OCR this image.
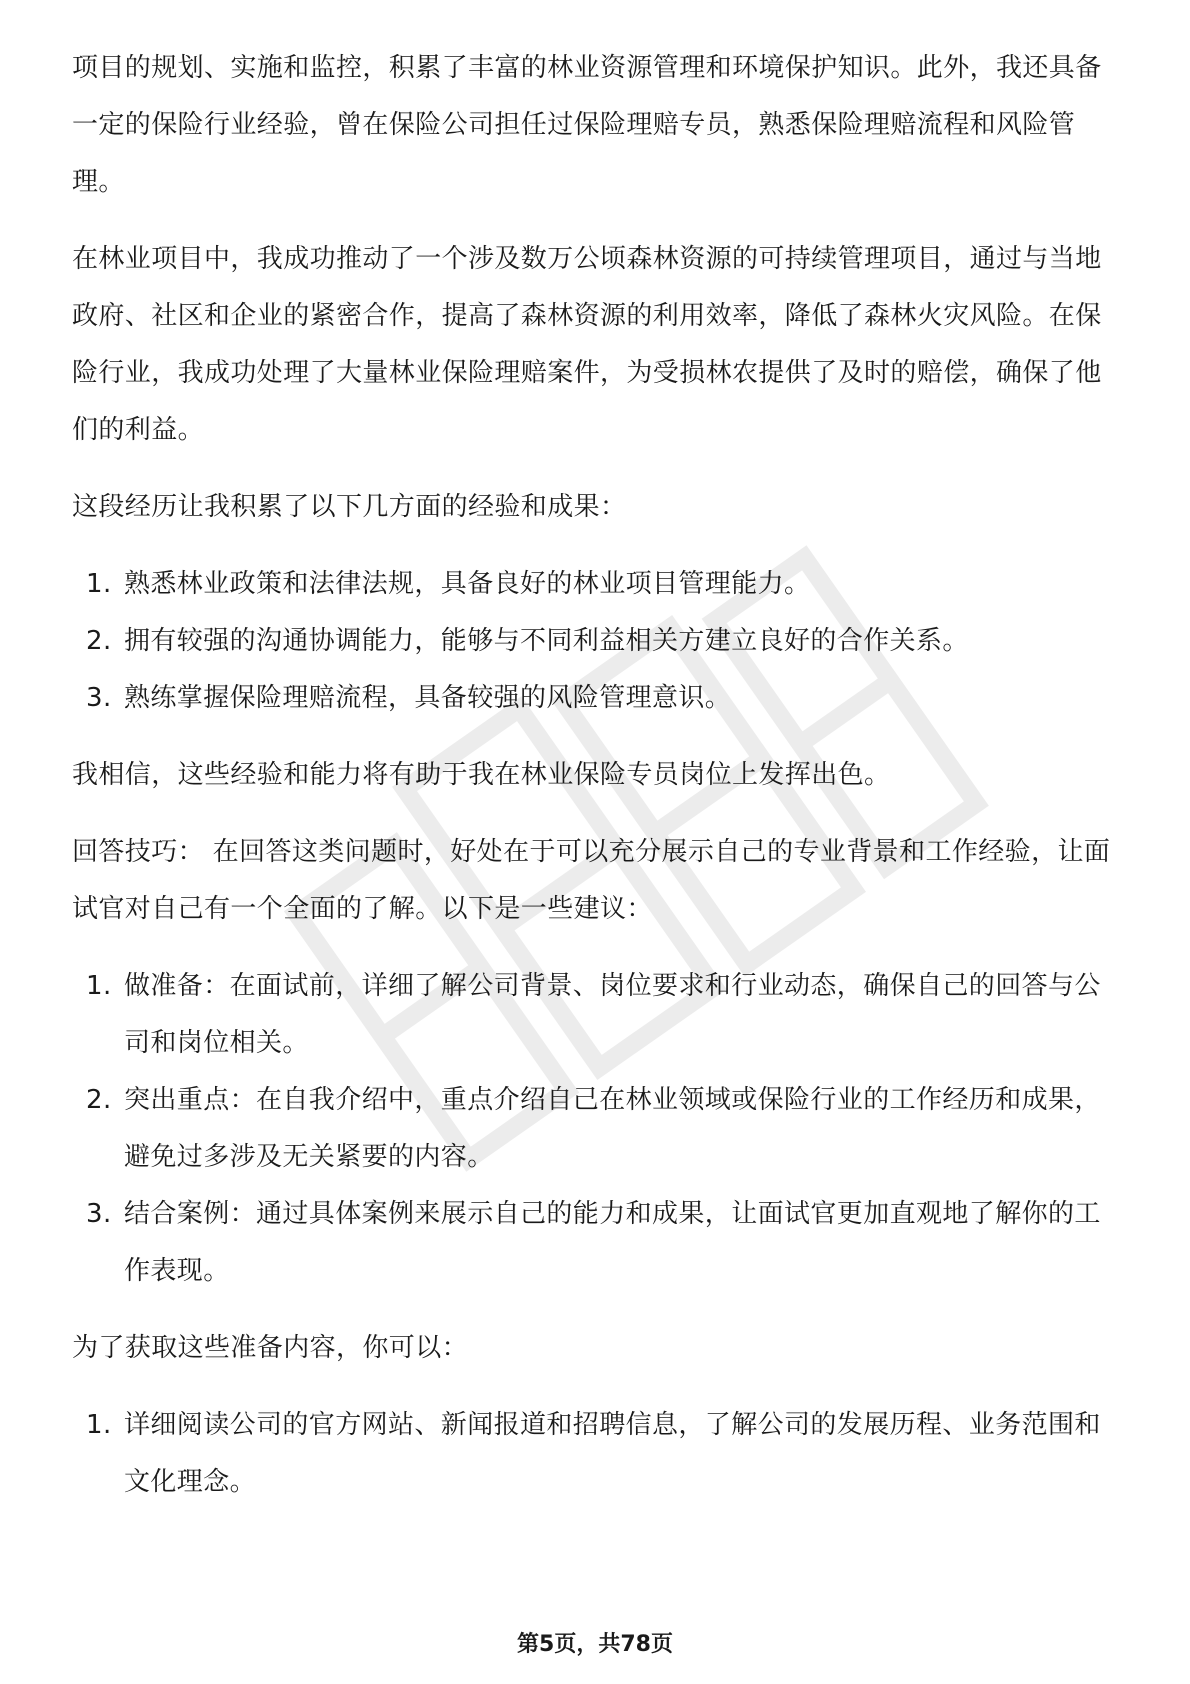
项目的规划、实施和监控，积累了丰富的林业资源管理和环境保护知识。此外，我还具备一定的保险行业经验，曾在保险公司担任过保险理赔专员，熟悉保险理赔流程和风险管理。

在林业项目中，我成功推动了一个涉及数万公顷森林资源的可持续管理项目，通过与当地政府、社区和企业的紧密合作，提高了森林资源的利用效率，降低了森林火灾风险。在保险行业，我成功处理了大量林业保险理赔案件，为受损林农提供了及时的赔偿，确保了他们的利益。

这段经历让我积累了以下几方面的经验和成果：

1. 熟悉林业政策和法律法规，具备良好的林业项目管理能力。
2. 拥有较强的沟通协调能力，能够与不同利益相关方建立良好的合作关系。
3. 熟练掌握保险理赔流程，具备较强的风险管理意识。

我相信，这些经验和能力将有助于我在林业保险专员岗位上发挥出色。

回答技巧： 在回答这类问题时，好处在于可以充分展示自己的专业背景和工作经验，让面试官对自己有一个全面的了解。以下是一些建议：

1. 做准备：在面试前，详细了解公司背景、岗位要求和行业动态，确保自己的回答与公司和岗位相关。
2. 突出重点：在自我介绍中，重点介绍自己在林业领域或保险行业的工作经历和成果，避免过多涉及无关紧要的内容。
3. 结合案例：通过具体案例来展示自己的能力和成果，让面试官更加直观地了解你的工作表现。

为了获取这些准备内容，你可以：

1. 详细阅读公司的官方网站、新闻报道和招聘信息，了解公司的发展历程、业务范围和文化理念。
第5页，共78页
